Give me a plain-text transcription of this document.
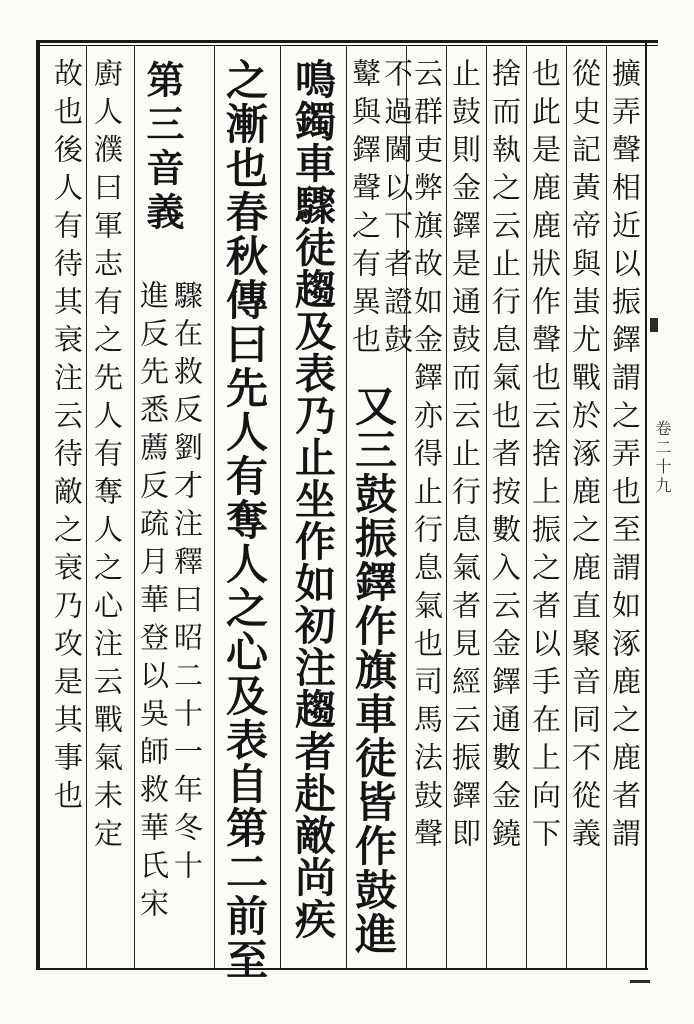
擴弄聲相近以振鐸謂之弄也至謂如涿鹿之鹿者謂
從史記黃帝與蚩尤戰於涿鹿之鹿直聚音同不從義
也此是鹿鹿狀作聲也云捨上振之者以手在上向下
捨而執之云止行息氣也者按數入云金鐸通數金鐃
止鼓則金鐸是通鼓而云止行息氣者見經云振鐸即
云群吏弊旗故如金鐸亦得止行息氣也司馬法鼓聲
不過閫以下者證鼓
鼙與鐸聲之有異也
又三鼓振鐸作旗車徒皆作鼓進
鳴鐲車驟徒趨及表乃止坐作如初注趨者赴敵尚疾
之漸也春秋傳曰先人有奪人之心及表自第二前至
驟在救反劉才注釋曰昭二十一年冬十
進反先悉薦反疏月華登以吳師救華氏宋
第三音義
廚人濮曰軍志有之先人有奪人之心注云戰氣未定
故也後人有待其衰注云待敵之衰乃攻是其事也	卷二十九
